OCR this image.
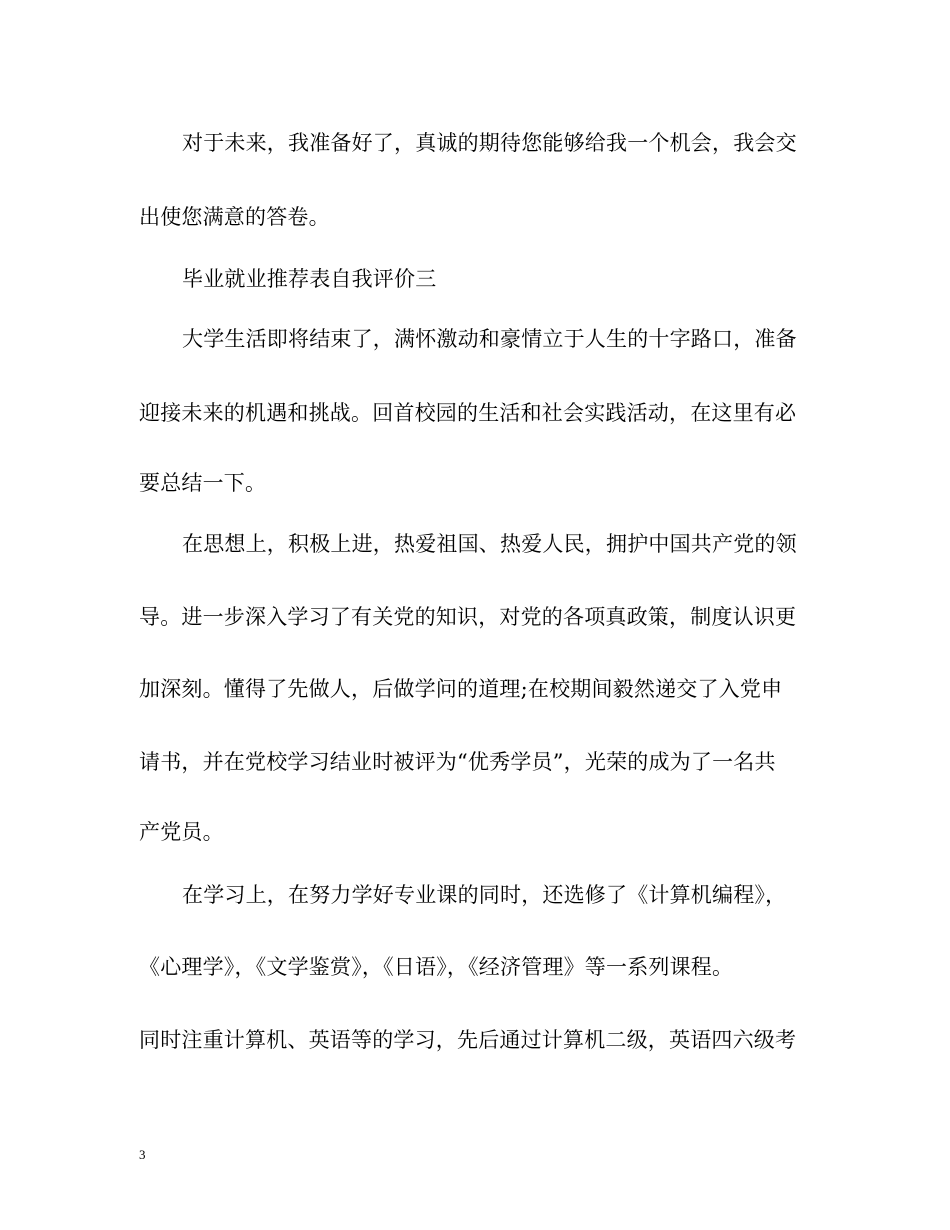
对于未来，我准备好了，真诚的期待您能够给我一个机会，我会交
出使您满意的答卷。
毕业就业推荐表自我评价三
大学生活即将结束了，满怀激动和豪情立于人生的十字路口，准备
迎接未来的机遇和挑战。回首校园的生活和社会实践活动，在这里有必
要总结一下。
在思想上，积极上进，热爱祖国、热爱人民，拥护中国共产党的领
导。进一步深入学习了有关党的知识，对党的各项真政策，制度认识更
加深刻。懂得了先做人，后做学问的道理;在校期间毅然递交了入党申
请书，并在党校学习结业时被评为“优秀学员”，光荣的成为了一名共
产党员。
在学习上，在努力学好专业课的同时，还选修了《计算机编程》，
《心理学》，《文学鉴赏》，《日语》，《经济管理》等一系列课程。
同时注重计算机、英语等的学习，先后通过计算机二级，英语四六级考
3
